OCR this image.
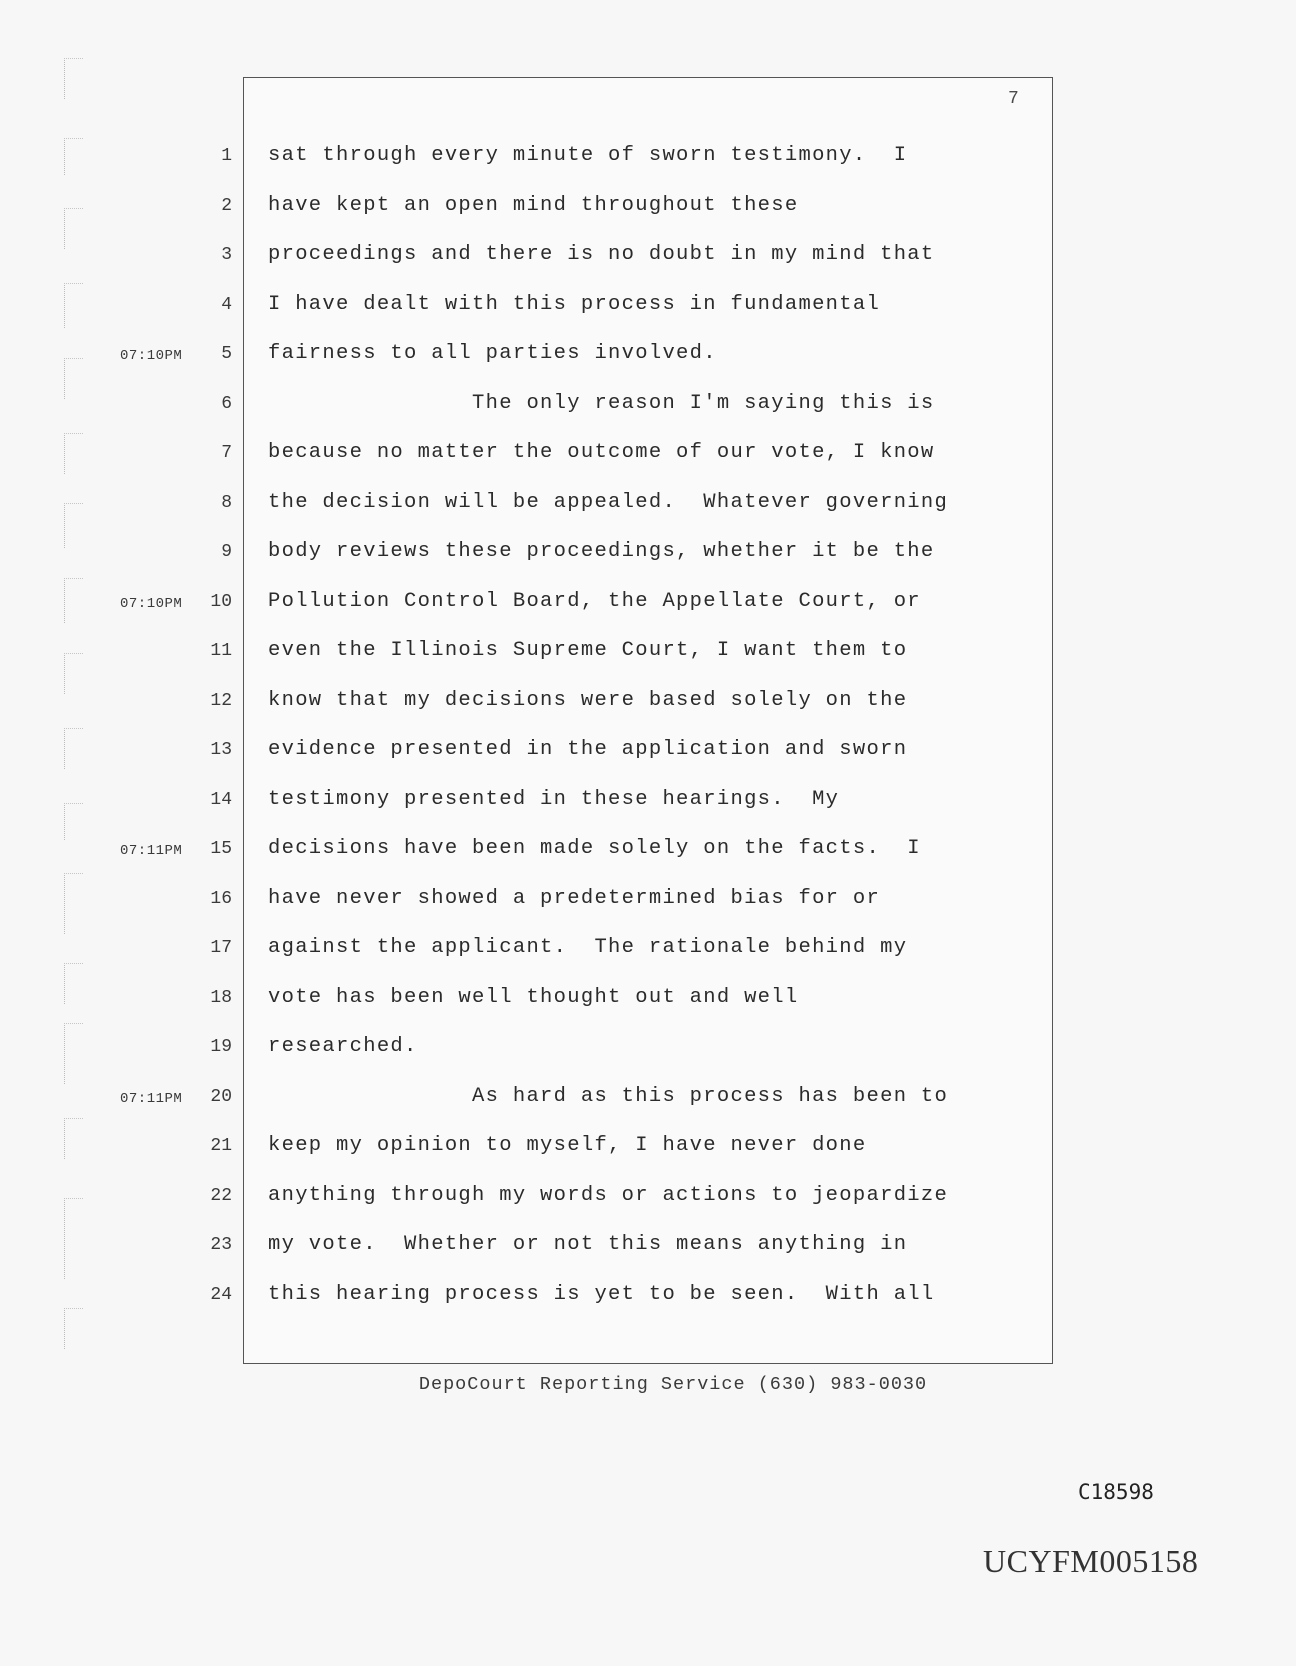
7
1 sat through every minute of sworn testimony.  I
2 have kept an open mind throughout these
3 proceedings and there is no doubt in my mind that
4 I have dealt with this process in fundamental
07:10PM	5 fairness to all parties involved.
6 The only reason I'm saying this is
7 because no matter the outcome of our vote, I know
8 the decision will be appealed.  Whatever governing
9 body reviews these proceedings, whether it be the
07:10PM	10 Pollution Control Board, the Appellate Court, or
11 even the Illinois Supreme Court, I want them to
12 know that my decisions were based solely on the
13 evidence presented in the application and sworn
14 testimony presented in these hearings.  My
07:11PM	15 decisions have been made solely on the facts.  I
16 have never showed a predetermined bias for or
17 against the applicant.  The rationale behind my
18 vote has been well thought out and well
19 researched.
07:11PM	20 As hard as this process has been to
21 keep my opinion to myself, I have never done
22 anything through my words or actions to jeopardize
23 my vote.  Whether or not this means anything in
24 this hearing process is yet to be seen.  With all
DepoCourt Reporting Service (630) 983-0030
C18598
UCYFM005158
